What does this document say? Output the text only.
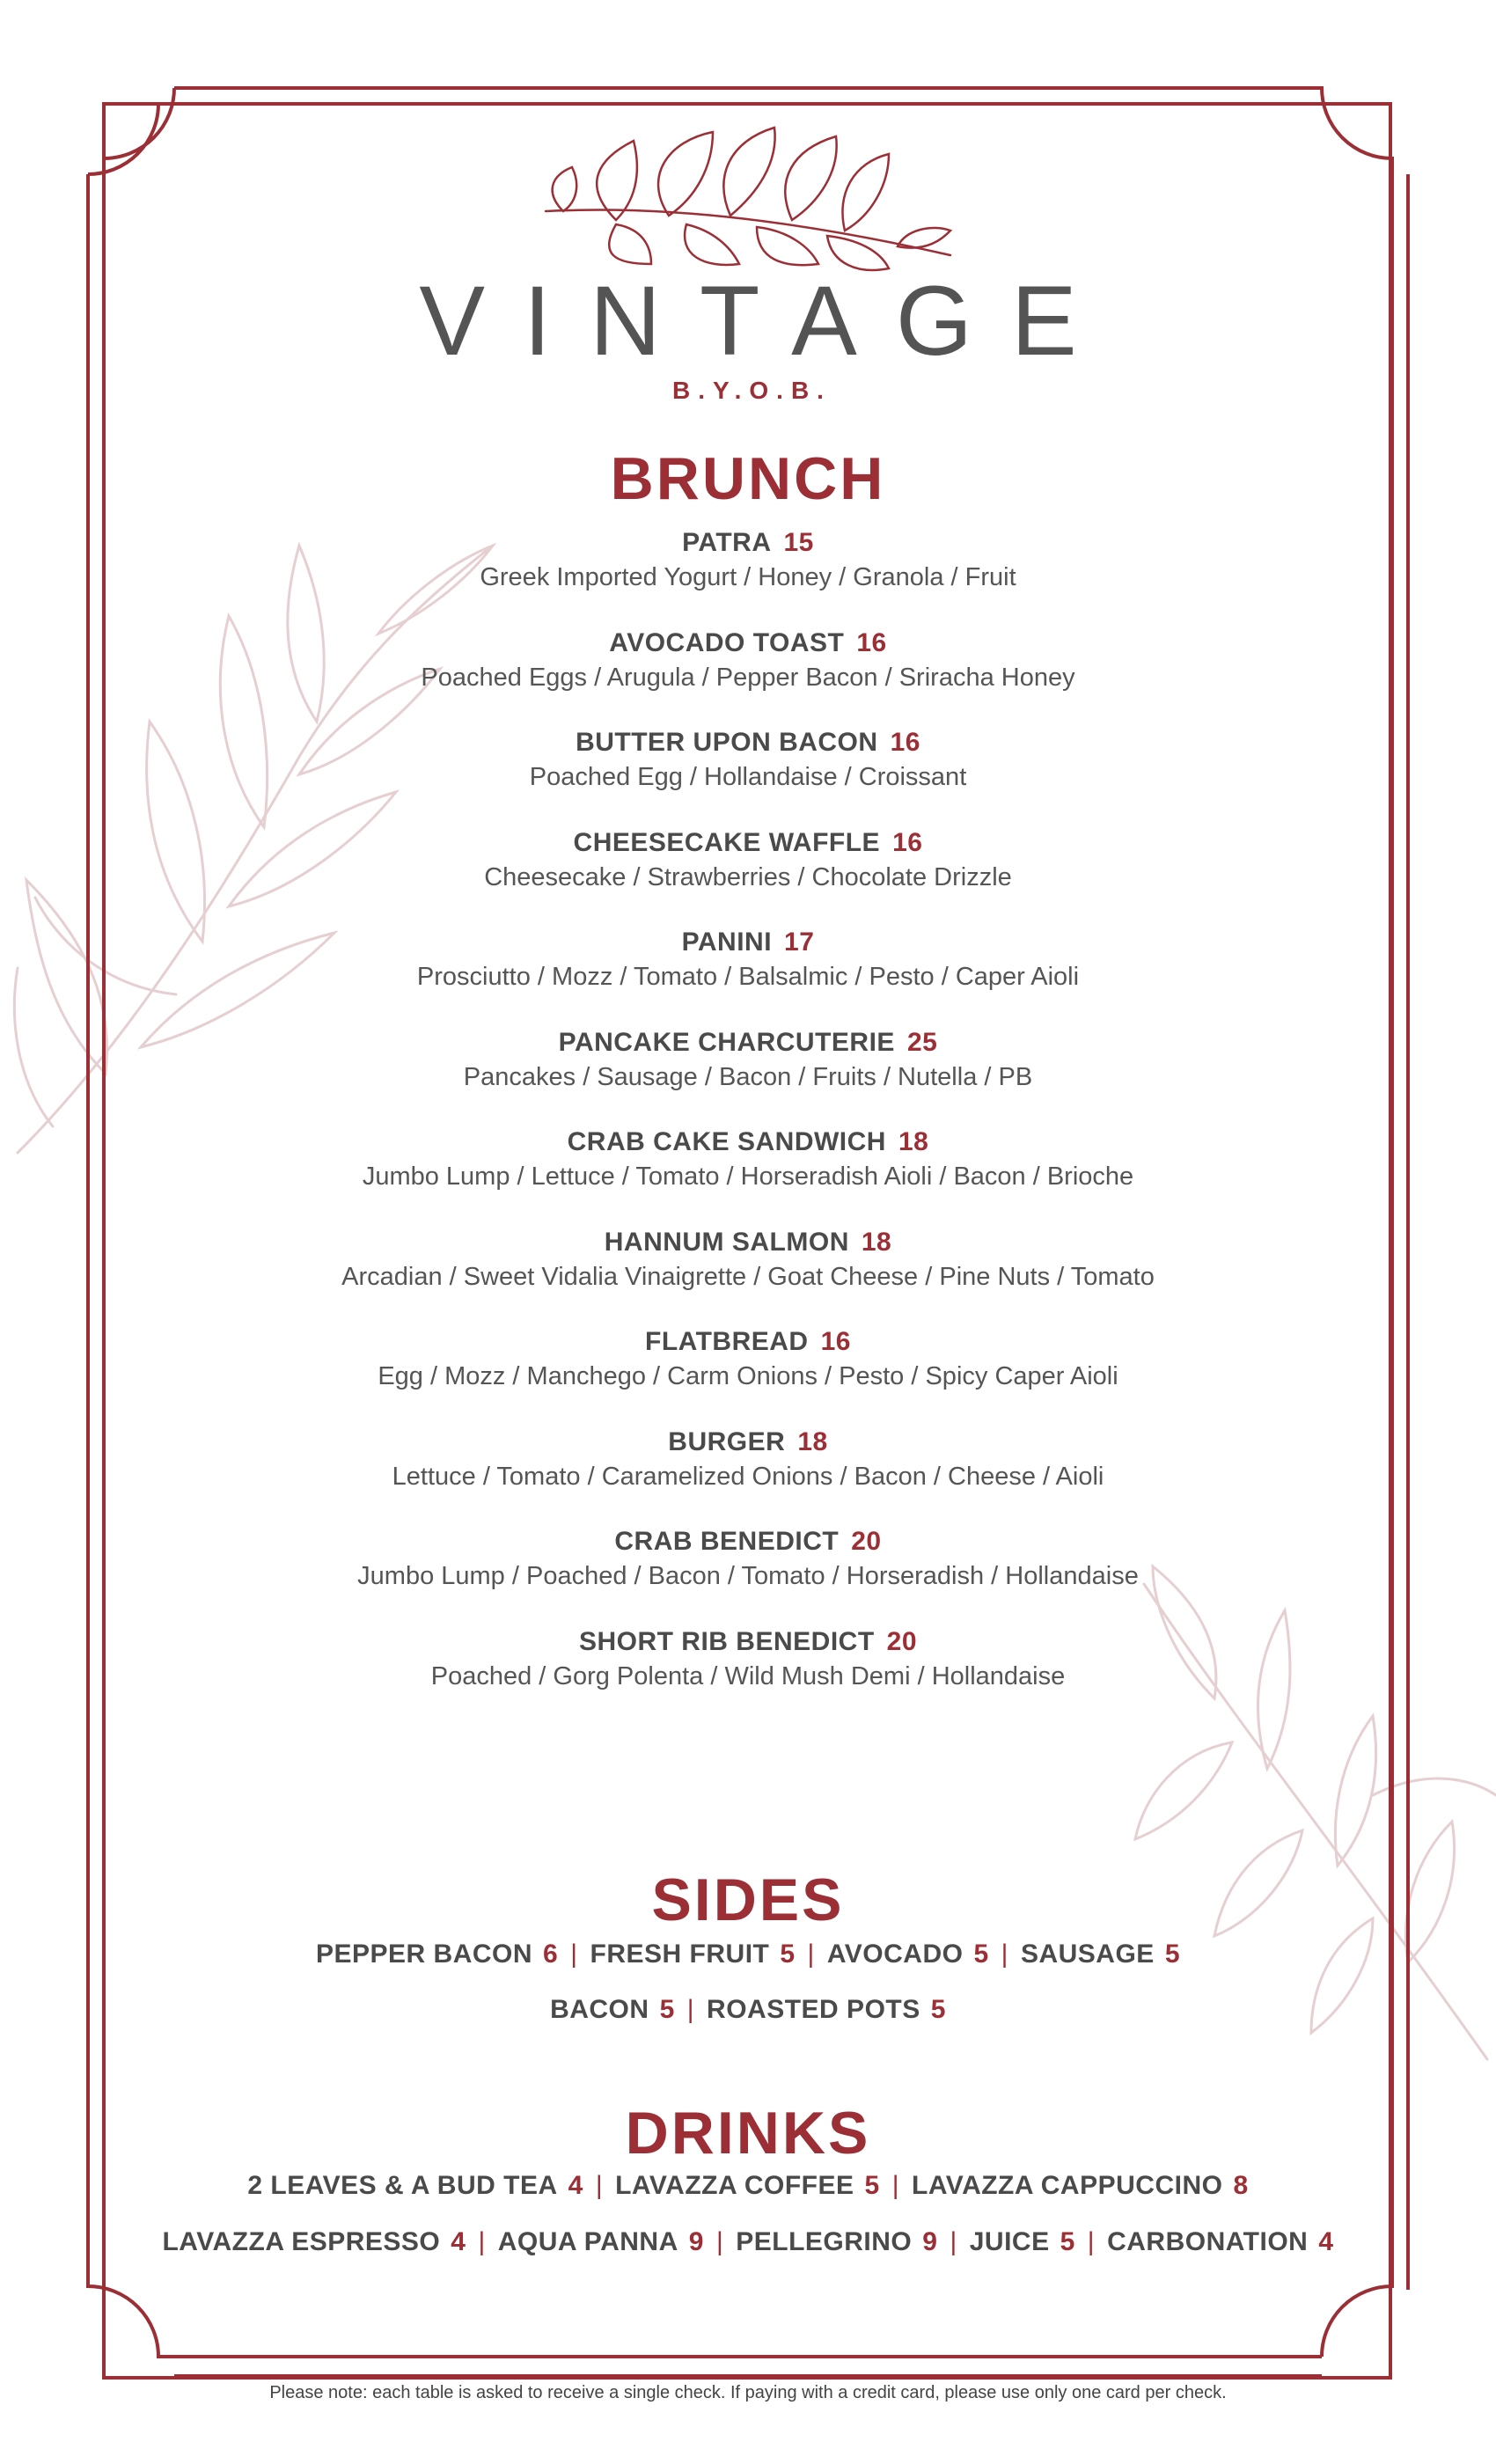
VINTAGE
B.Y.O.B.
BRUNCH
PATRA 15
Greek Imported Yogurt / Honey / Granola / Fruit
AVOCADO TOAST 16
Poached Eggs / Arugula / Pepper Bacon / Sriracha Honey
BUTTER UPON BACON 16
Poached Egg / Hollandaise / Croissant
CHEESECAKE WAFFLE 16
Cheesecake / Strawberries / Chocolate Drizzle
PANINI 17
Prosciutto / Mozz / Tomato / Balsalmic / Pesto / Caper Aioli
PANCAKE CHARCUTERIE 25
Pancakes / Sausage / Bacon / Fruits / Nutella / PB
CRAB CAKE SANDWICH 18
Jumbo Lump / Lettuce / Tomato / Horseradish Aioli / Bacon / Brioche
HANNUM SALMON 18
Arcadian / Sweet Vidalia Vinaigrette / Goat Cheese / Pine Nuts / Tomato
FLATBREAD 16
Egg / Mozz / Manchego / Carm Onions / Pesto / Spicy Caper Aioli
BURGER 18
Lettuce / Tomato / Caramelized Onions / Bacon / Cheese / Aioli
CRAB BENEDICT 20
Jumbo Lump / Poached / Bacon / Tomato / Horseradish / Hollandaise
SHORT RIB BENEDICT 20
Poached / Gorg Polenta / Wild Mush Demi / Hollandaise
SIDES
PEPPER BACON 6 | FRESH FRUIT 5 | AVOCADO 5 | SAUSAGE 5
BACON 5 | ROASTED POTS 5
DRINKS
2 LEAVES & A BUD TEA 4 | LAVAZZA COFFEE 5 | LAVAZZA CAPPUCCINO 8
LAVAZZA ESPRESSO 4 | AQUA PANNA 9 | PELLEGRINO 9 | JUICE 5 | CARBONATION 4
Please note: each table is asked to receive a single check. If paying with a credit card, please use only one card per check.
